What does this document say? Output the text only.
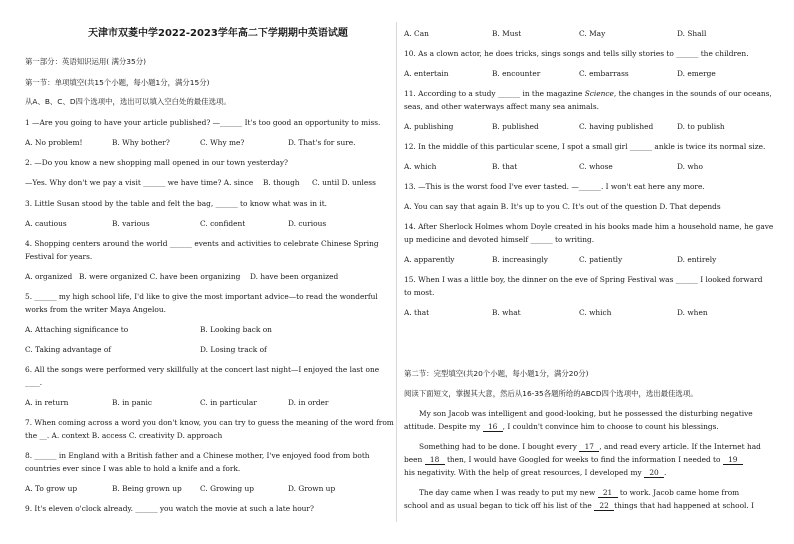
天津市双菱中学2022-2023学年高二下学期期中英语试题
第一部分：英语知识运用( 满分35分)
第一节：单项填空(共15个小题，每小题1分，满分15分)
从A、B、C、D四个选项中，选出可以填入空白处的最佳选项。
1 —Are you going to have your article published? —______ It's too good an opportunity to miss.
A. No problem!	B. Why bother?	C. Why me?	D. That's for sure.
2. —Do you know a new shopping mall opened in our town yesterday?
—Yes. Why don't we pay a visit ______ we have time? A. since B. though C. until D. unless
3. Little Susan stood by the table and felt the bag, ______ to know what was in it.
A. cautious	B. various	C. confident	D. curious
4. Shopping centers around the world ______ events and activities to celebrate Chinese Spring
Festival for years.
A. organized B. were organized C. have been organizing D. have been organized
5. ______ my high school life, I'd like to give the most important advice—to read the wonderful
works from the writer Maya Angelou.
A. Attaching significance to	B. Looking back on
C. Taking advantage of	D. Losing track of
6. All the songs were performed very skillfully at the concert last night—I enjoyed the last one
____.
A. in return	B. in panic	C. in particular	D. in order
7. When coming across a word you don't know, you can try to guess the meaning of the word from
the __. A. context B. access C. creativity D. approach
8. ______ in England with a British father and a Chinese mother, I've enjoyed food from both
countries ever since I was able to hold a knife and a fork.
A. To grow up	B. Being grown up C. Growing up	D. Grown up
9. It's eleven o'clock already. ______ you watch the movie at such a late hour?
A. Can	B. Must	C. May	D. Shall
10. As a clown actor, he does tricks, sings songs and tells silly stories to ______ the children.
A. entertain	B. encounter	C. embarrass	D. emerge
11. According to a study ______ in the magazine Science, the changes in the sounds of our oceans,
seas, and other waterways affect many sea animals.
A. publishing	B. published	C. having published	D. to publish
12. In the middle of this particular scene, I spot a small girl ______ ankle is twice its normal size.
A. which	B. that	C. whose	D. who
13. —This is the worst food I've ever tasted. —______. I won't eat here any more.
A. You can say that again B. It's up to you C. It's out of the question D. That depends
14. After Sherlock Holmes whom Doyle created in his books made him a household name, he gave
up medicine and devoted himself ______ to writing.
A. apparently	B. increasingly	C. patiently	D. entirely
15. When I was a little boy, the dinner on the eve of Spring Festival was ______ I looked forward
to most.
A. that	B. what	C. which	D. when
第二节：完型填空(共20个小题，每小题1分，满分20分)
阅读下面短文，掌握其大意，然后从16-35各题所给的ABCD四个选项中，选出最佳选项。
My son Jacob was intelligent and good-looking, but he possessed the disturbing negative
attitude. Despite my 16 , I couldn't convince him to choose to count his blessings.
Something had to be done. I bought every 17 , and read every article. If the Internet had
been 18 then, I would have Googled for weeks to find the information I needed to 19
his negativity. With the help of great resources, I developed my 20 .
The day came when I was ready to put my new 21 to work. Jacob came home from
school and as usual began to tick off his list of the 22 things that had happened at school. I
